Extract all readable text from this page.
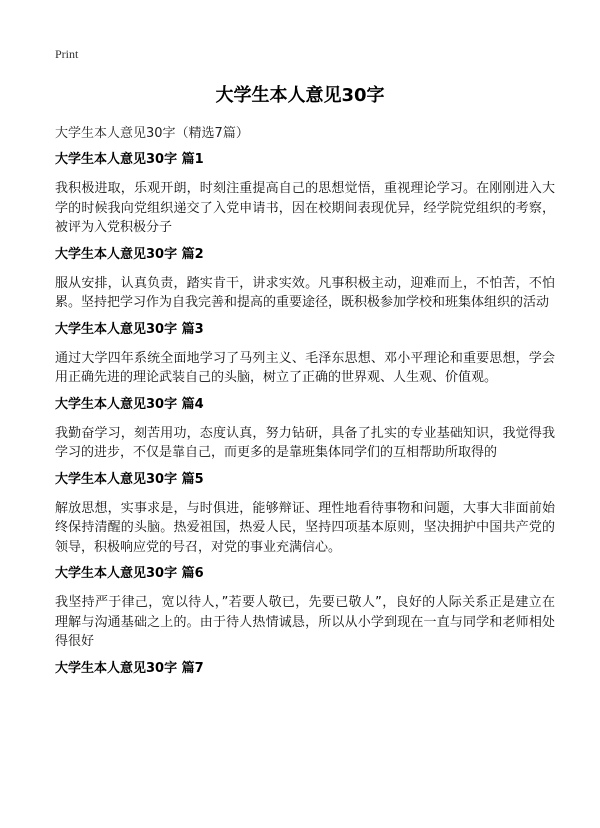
Print
大学生本人意见30字
大学生本人意见30字（精选7篇）
大学生本人意见30字 篇1
我积极进取，乐观开朗，时刻注重提高自己的思想觉悟，重视理论学习。在刚刚进入大学的时候我向党组织递交了入党申请书，因在校期间表现优异，经学院党组织的考察，被评为入党积极分子
大学生本人意见30字 篇2
服从安排，认真负责，踏实肯干，讲求实效。凡事积极主动，迎难而上，不怕苦，不怕累。坚持把学习作为自我完善和提高的重要途径，既积极参加学校和班集体组织的活动
大学生本人意见30字 篇3
通过大学四年系统全面地学习了马列主义、毛泽东思想、邓小平理论和重要思想，学会用正确先进的理论武装自己的头脑，树立了正确的世界观、人生观、价值观。
大学生本人意见30字 篇4
我勤奋学习，刻苦用功，态度认真，努力钻研，具备了扎实的专业基础知识，我觉得我学习的进步，不仅是靠自己，而更多的是靠班集体同学们的互相帮助所取得的
大学生本人意见30字 篇5
解放思想，实事求是，与时俱进，能够辩证、理性地看待事物和问题，大事大非面前始终保持清醒的头脑。热爱祖国，热爱人民，坚持四项基本原则，坚决拥护中国共产党的领导，积极响应党的号召，对党的事业充满信心。
大学生本人意见30字 篇6
我坚持严于律己，宽以待人，”若要人敬已，先要已敬人”，良好的人际关系正是建立在理解与沟通基础之上的。由于待人热情诚恳，所以从小学到现在一直与同学和老师相处得很好
大学生本人意见30字 篇7
